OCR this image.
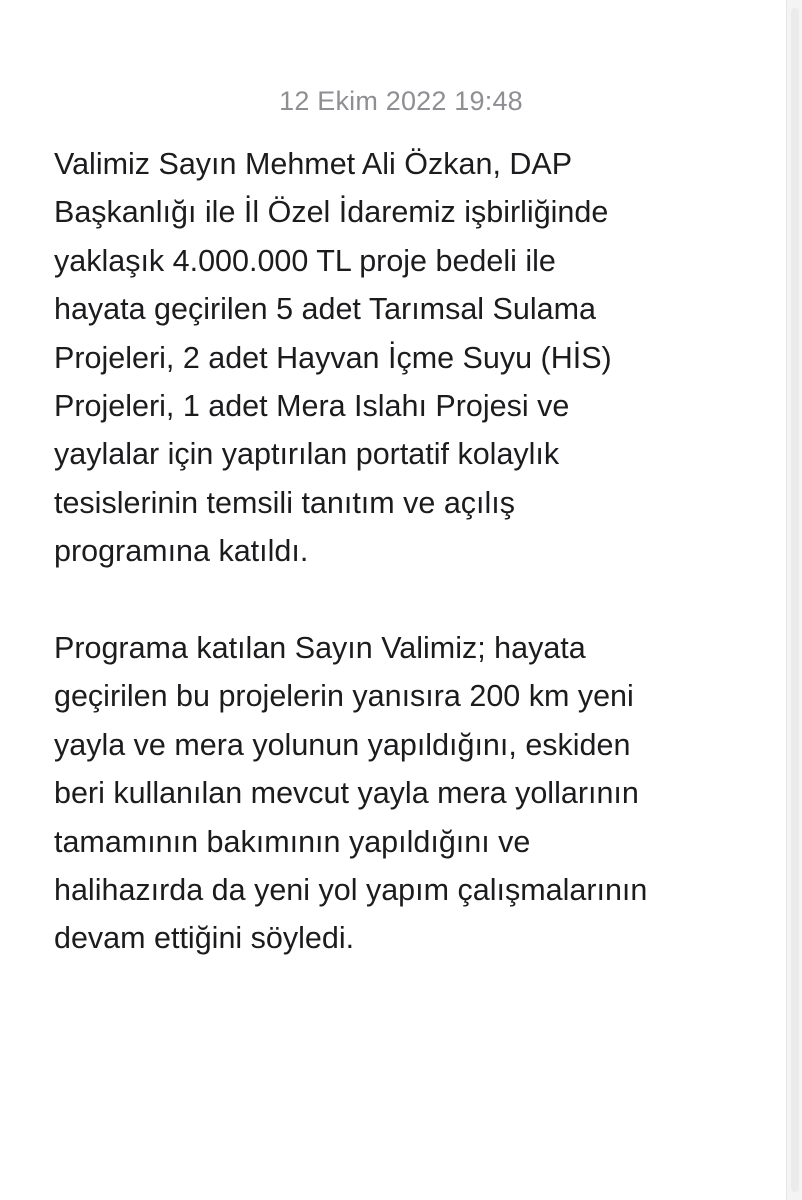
12 Ekim 2022 19:48
Valimiz Sayın Mehmet Ali Özkan, DAP
Başkanlığı ile İl Özel İdaremiz işbirliğinde
yaklaşık 4.000.000 TL proje bedeli ile
hayata geçirilen 5 adet Tarımsal Sulama
Projeleri, 2 adet Hayvan İçme Suyu (HİS)
Projeleri, 1 adet Mera Islahı Projesi ve
yaylalar için yaptırılan portatif kolaylık
tesislerinin temsili tanıtım ve açılış
programına katıldı.
Programa katılan Sayın Valimiz; hayata
geçirilen bu projelerin yanısıra 200 km yeni
yayla ve mera yolunun yapıldığını, eskiden
beri kullanılan mevcut yayla mera yollarının
tamamının bakımının yapıldığını ve
halihazırda da yeni yol yapım çalışmalarının
devam ettiğini söyledi.
